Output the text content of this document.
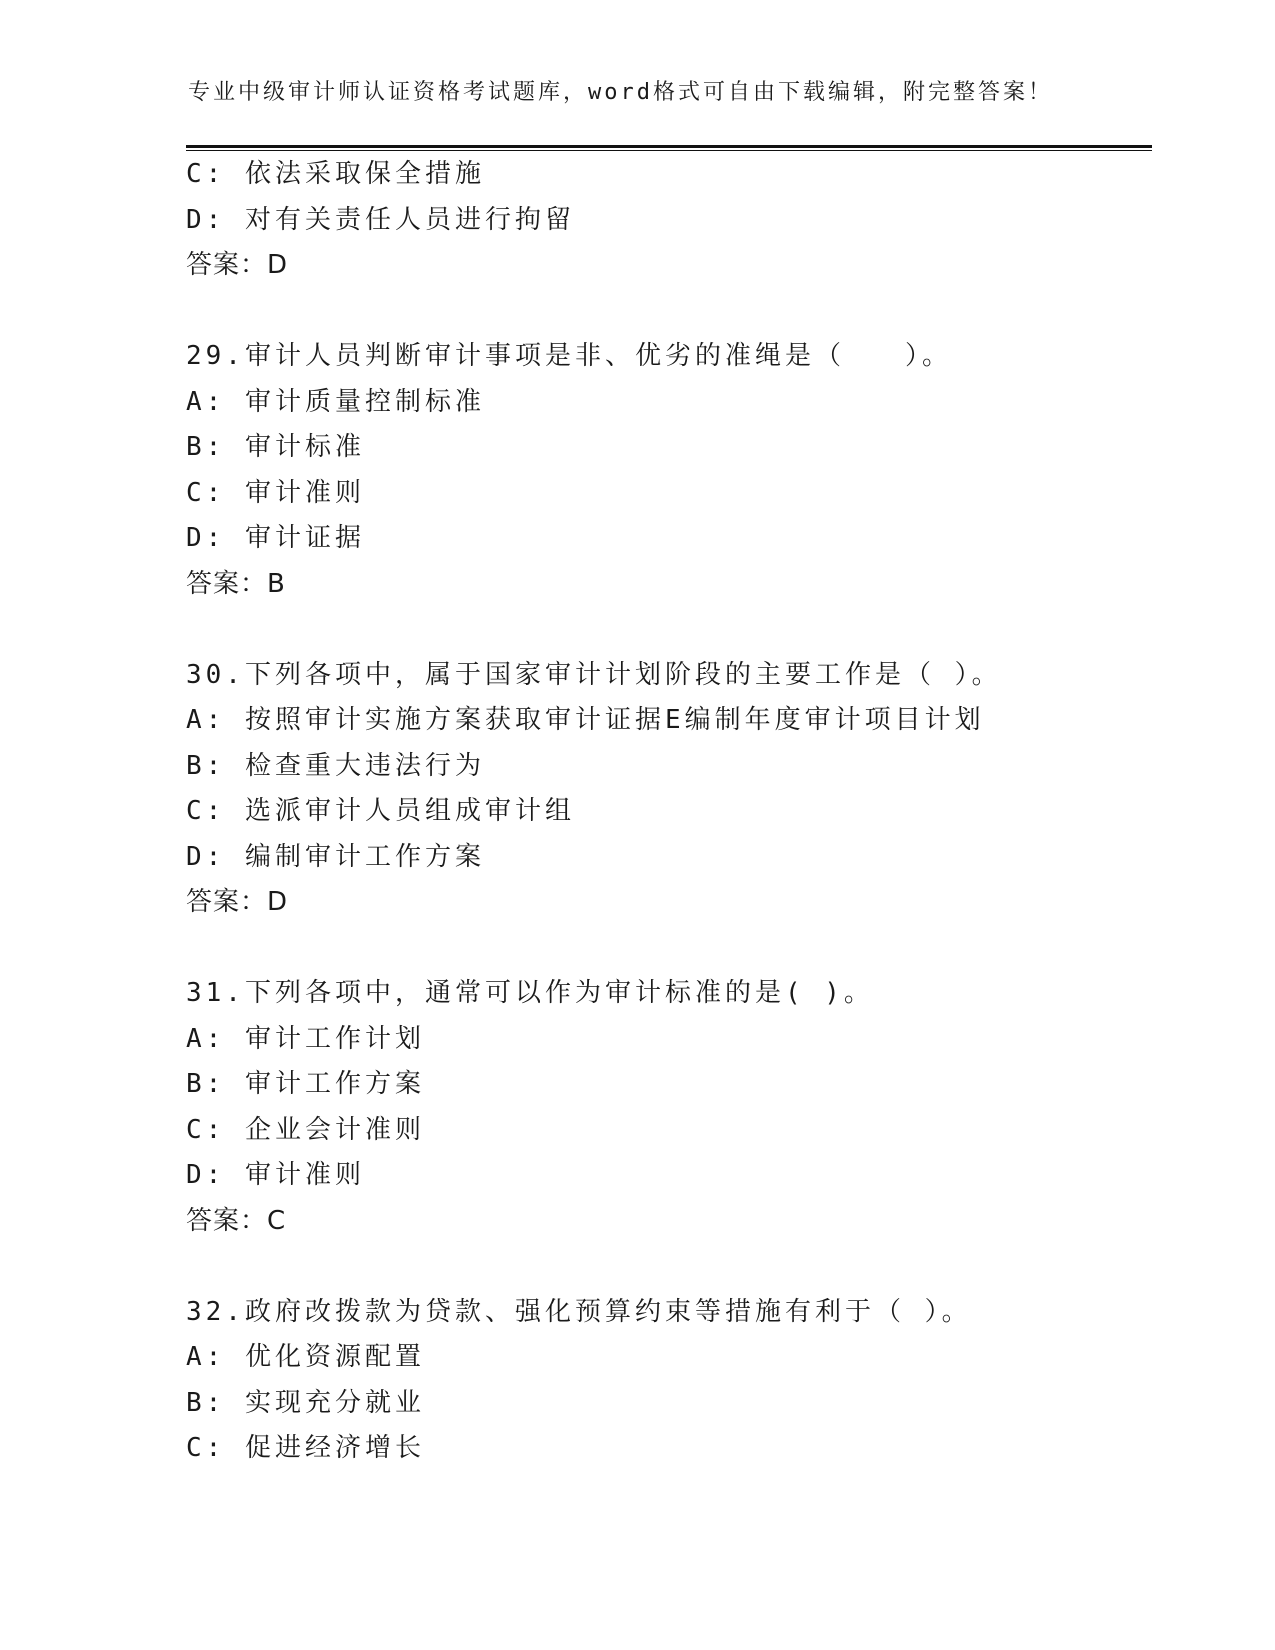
专业中级审计师认证资格考试题库，word格式可自由下载编辑，附完整答案！
C: 依法采取保全措施
D: 对有关责任人员进行拘留
答案：D
29.审计人员判断审计事项是非、优劣的准绳是（　　）。
A: 审计质量控制标准
B: 审计标准
C: 审计准则
D: 审计证据
答案：B
30.下列各项中，属于国家审计计划阶段的主要工作是（ ）。
A: 按照审计实施方案获取审计证据E编制年度审计项目计划
B: 检查重大违法行为
C: 选派审计人员组成审计组
D: 编制审计工作方案
答案：D
31.下列各项中，通常可以作为审计标准的是( )。
A: 审计工作计划
B: 审计工作方案
C: 企业会计准则
D: 审计准则
答案：C
32.政府改拨款为贷款、强化预算约束等措施有利于（ ）。
A: 优化资源配置
B: 实现充分就业
C: 促进经济增长
